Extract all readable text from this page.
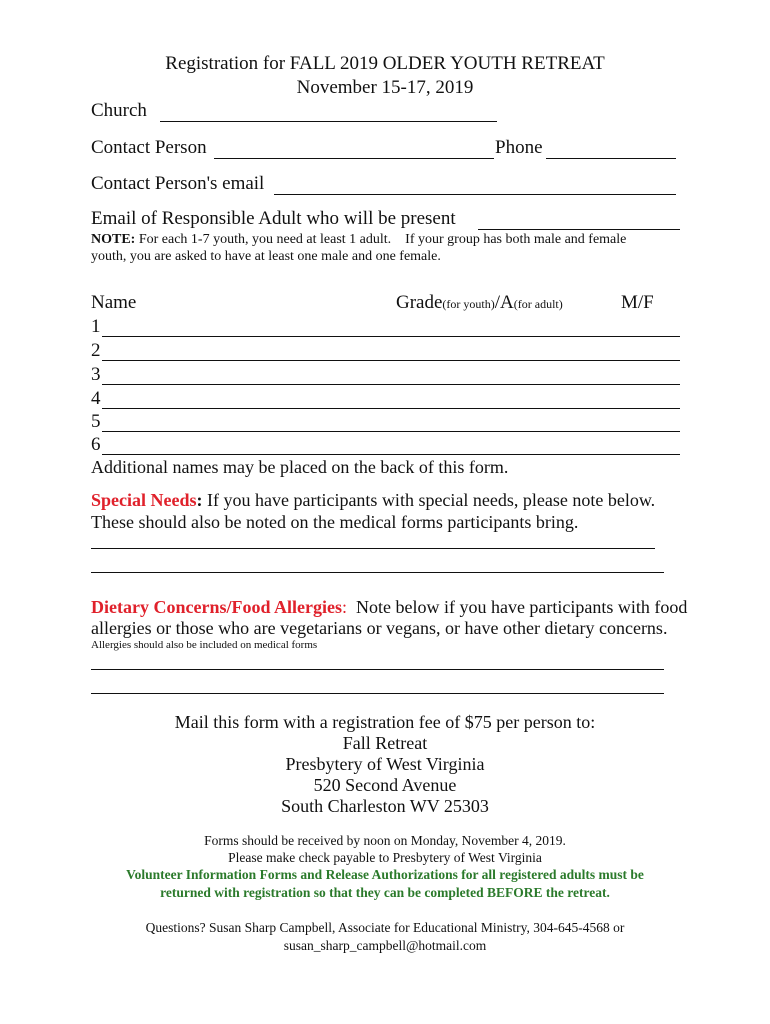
Registration for FALL 2019 OLDER YOUTH RETREAT
November 15-17, 2019
Church
Contact Person	Phone
Contact Person's email
Email of Responsible Adult who will be present
NOTE: For each 1-7 youth, you need at least 1 adult.    If your group has both male and female
youth, you are asked to have at least one male and one female.
Name	Grade(for youth)/A(for adult)	M/F
1
2
3
4
5
6
Additional names may be placed on the back of this form.
Special Needs: If you have participants with special needs, please note below.
These should also be noted on the medical forms participants bring.
Dietary Concerns/Food Allergies:  Note below if you have participants with food
allergies or those who are vegetarians or vegans, or have other dietary concerns.
Allergies should also be included on medical forms
Mail this form with a registration fee of $75 per person to:
Fall Retreat
Presbytery of West Virginia
520 Second Avenue
South Charleston WV 25303
Forms should be received by noon on Monday, November 4, 2019.
Please make check payable to Presbytery of West Virginia
Volunteer Information Forms and Release Authorizations for all registered adults must be
returned with registration so that they can be completed BEFORE the retreat.
Questions? Susan Sharp Campbell, Associate for Educational Ministry, 304-645-4568 or
susan_sharp_campbell@hotmail.com
